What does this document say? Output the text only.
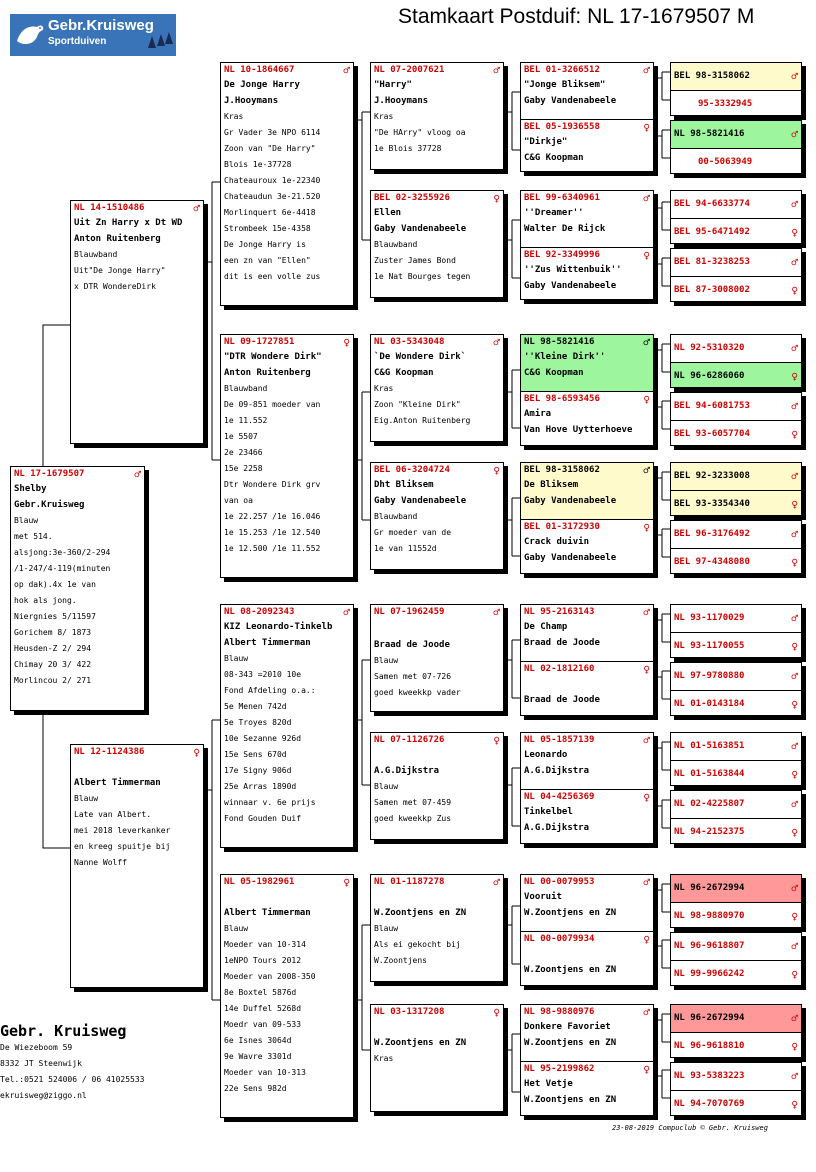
Gebr.Kruisweg
Sportduiven
Stamkaart Postduif: NL 17-1679507 M
NL 17-1679507	♂
Shelby
Gebr.Kruisweg
Blauw
met 514.
alsjong:3e-360/2-294
/1-247/4-119(minuten
op dak).4x 1e van
hok als jong.
Niergnies 5/11597
Gorichem 8/ 1873
Heusden-Z 2/ 294
Chimay 20 3/ 422
Morlincou 2/ 271
NL 14-1510486	♂
Uit Zn Harry x Dt WD
Anton Ruitenberg
Blauwband
Uit"De Jonge Harry"
x DTR WondereDirk
NL 12-1124386	♀

Albert Timmerman
Blauw
Late van Albert.
mei 2018 leverkanker
en kreeg spuitje bij
Nanne Wolff
NL 10-1864667	♂
De Jonge Harry
J.Hooymans
Kras
Gr Vader 3e NPO 6114
Zoon van "De Harry"
Blois 1e-37728
Chateauroux 1e-22340
Chateaudun 3e-21.520
Morlinquert 6e-4418
Strombeek 15e-4358
De Jonge Harry is
een zn van "Ellen"
dit is een volle zus
NL 09-1727851	♀
"DTR Wondere Dirk"
Anton Ruitenberg
Blauwband
De 09-851 moeder van
1e 11.552
1e 5507
2e 23466
15e 2258
Dtr Wondere Dirk grv
van oa
1e 22.257 /1e 16.046
1e 15.253 /1e 12.540
1e 12.500 /1e 11.552
NL 08-2092343	♂
KIZ Leonardo-Tinkelb
Albert Timmerman
Blauw
08-343 =2010 10e
Fond Afdeling o.a.:
5e Menen 742d
5e Troyes 820d
10e Sezanne 926d
15e Sens 670d
17e Signy 906d
25e Arras 1890d
winnaar v. 6e prijs
Fond Gouden Duif
NL 05-1982961	♀

Albert Timmerman
Blauw
Moeder van 10-314
1eNPO Tours 2012
Moeder van 2008-350
8e Boxtel 5876d
14e Duffel 5268d
Moedr van 09-533
6e Isnes 3064d
9e Wavre 3301d
Moeder van 10-313
22e Sens 982d
NL 07-2007621	♂
"Harry"
J.Hooymans
Kras
"De HArry" vloog oa
1e Blois 37728
BEL 02-3255926	♀
Ellen
Gaby Vandenabeele
Blauwband
Zuster James Bond
1e Nat Bourges tegen
NL 03-5343048	♂
`De Wondere Dirk`
C&G Koopman
Kras
Zoon "Kleine Dirk"
Eig.Anton Ruitenberg
BEL 06-3204724	♀
Dht Bliksem
Gaby Vandenabeele
Blauwband
Gr moeder van de
1e van 11552d
NL 07-1962459	♂

Braad de Joode
Blauw
Samen met 07-726
goed kweekkp vader
NL 07-1126726	♀

A.G.Dijkstra
Blauw
Samen met 07-459
goed kweekkp Zus
NL 01-1187278	♂

W.Zoontjens en ZN
Blauw
Als ei gekocht bij
W.Zoontjens
NL 03-1317208	♀

W.Zoontjens en ZN
Kras
BEL 01-3266512	♂
"Jonge Bliksem"
Gaby Vandenabeele
BEL 05-1936558	♀
"Dirkje"
C&G Koopman
BEL 99-6340961	♂
''Dreamer''
Walter De Rijck
BEL 92-3349996	♀
''Zus Wittenbuik''
Gaby Vandenabeele
NL 98-5821416	♂
''Kleine Dirk''
C&G Koopman
BEL 98-6593456	♀
Amira
Van Hove Uytterhoeve
BEL 98-3158062	♂
De Bliksem
Gaby Vandenabeele
BEL 01-3172930	♀
Crack duivin
Gaby Vandenabeele
NL 95-2163143	♂
De Champ
Braad de Joode
NL 02-1812160	♀

Braad de Joode
NL 05-1857139	♂
Leonardo
A.G.Dijkstra
NL 04-4256369	♀
Tinkelbel
A.G.Dijkstra
NL 00-0079953	♂
Vooruit
W.Zoontjens en ZN
NL 00-0079934	♀

W.Zoontjens en ZN
NL 98-9880976	♂
Donkere Favoriet
W.Zoontjens en ZN
NL 95-2199862	♀
Het Vetje
W.Zoontjens en ZN
BEL 98-3158062	♂
95-3332945
NL 98-5821416	♂
00-5063949
BEL 94-6633774	♂
BEL 95-6471492	♀
BEL 81-3238253	♂
BEL 87-3008002	♀
NL 92-5310320	♂
NL 96-6286060	♀
BEL 94-6081753	♂
BEL 93-6057704	♀
BEL 92-3233008	♂
BEL 93-3354340	♀
BEL 96-3176492	♂
BEL 97-4348080	♀
NL 93-1170029	♂
NL 93-1170055	♀
NL 97-9780880	♂
NL 01-0143184	♀
NL 01-5163851	♂
NL 01-5163844	♀
NL 02-4225807	♂
NL 94-2152375	♀
NL 96-2672994	♂
NL 98-9880970	♀
NL 96-9618807	♂
NL 99-9966242	♀
NL 96-2672994	♂
NL 96-9618810	♀
NL 93-5383223	♂
NL 94-7070769	♀
Gebr. Kruisweg
De Wiezeboom 59
8332 JT Steenwijk
Tel.:0521 524006 / 06 41025533
ekruisweg@ziggo.nl
23-08-2019 Compuclub © Gebr. Kruisweg
